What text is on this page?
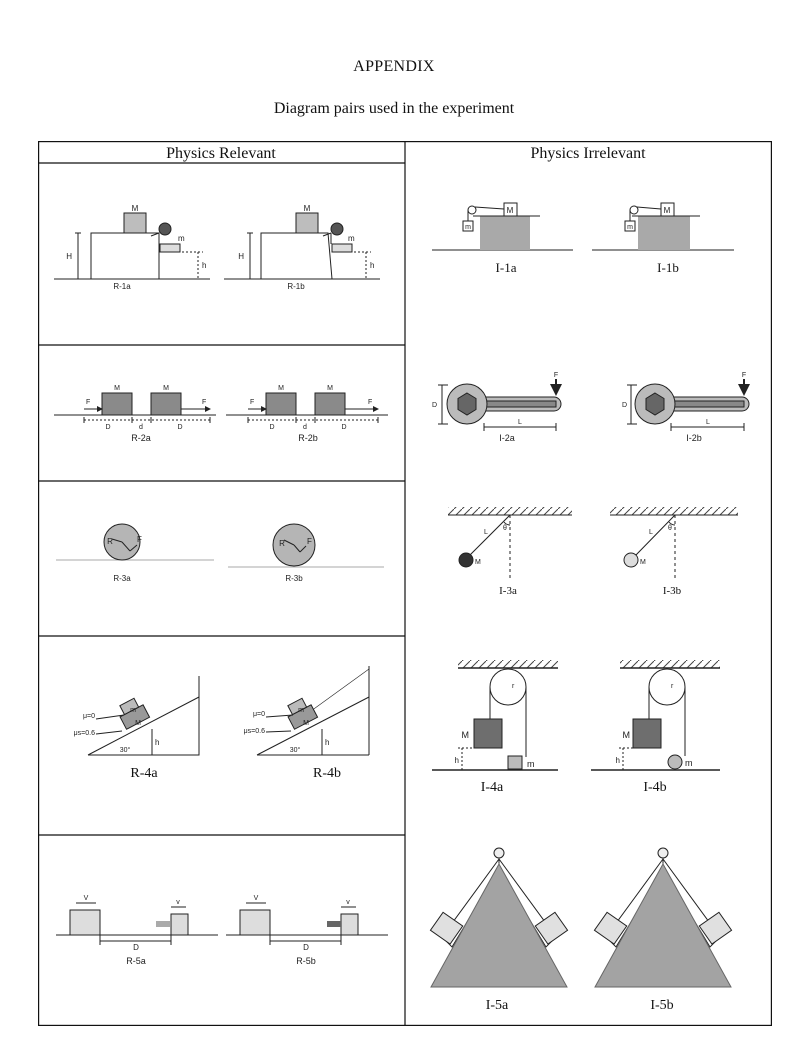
APPENDIX
Diagram pairs used in the experiment
Physics Relevant	Physics Irrelevant
M
m
H
h
R-1a
M
m
H
h
R-1b
M	M
F	F
D	d	D
R-2a
M	M
F	F
D	d	D
R-2b
R	F
R-3a
R	F
R-3b
m
M
μ=0
μs=0.6
30°
h
R-4a
m
M
μ=0
μs=0.6
30°
h
R-4b
V
v
D
R-5a
V
v
D
R-5b
M
m
I-1a
M
m
I-1b
D
F
L
I-2a
D
F
L
I-2b
L
θ
M
I-3a
L
θ
M
I-3b
r
M
m
h
I-4a
r
M
m
h
I-4b
I-5a	I-5b
